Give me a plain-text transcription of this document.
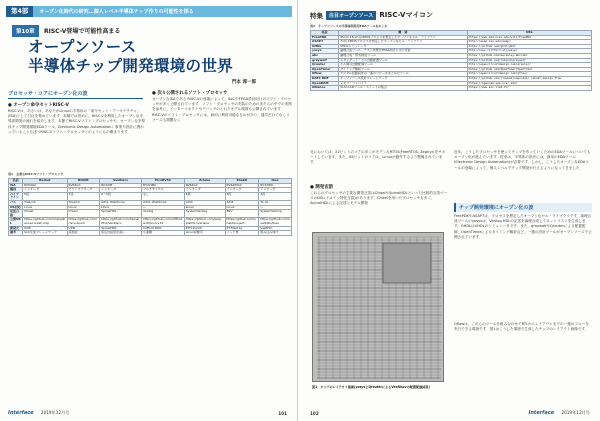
第4部	オープン化時代の研究…個人レベル半導体チップ作りの可能性を探る
第10章	RISC-V登場で可能性高まる
オープンソース
半導体チップ開発環境の世界
門本 淳一郎
プロセッサ・コアにオープン化の波
● オープン命令セットRISC-V
RISC-Vは，あるいは，あなたがLinuxの半導体の「命令セット・アーキテクチャ」(ISA)として日目を集めています．本稿では初めに，RISC-Vを利用したオープンな半導体開発の流れを紹介します．本節でRISC-Vソフト・プロセッサや，オープンな半導体チップ開発環境EDAツール，Electronic Design Automation）事業や設計に携わっていることも述べRISC-Vソフト・プロセッサとのようにもの概まります．
● 次々公開されるソフト・プロセッサ
オープンなISAである RISC-Vの登場によって，SoCやFPGA設計向けのソフト・プロセッサが多く公開されています．ソフト・プロセッサの実装のためのまたらの中での実例を参考に，インターコネクトやデバッグのとれたモデル環境も公開されています．RISC-Vのソフト・プロセッサには，商用に利用可能なものがあり，通学だけでなくリソースも問題なく
表1　主要なRISC-Vソフト・プロセッサ
名前	Rocket	BOOM	VexRiscv	PicoRV32	Ariane	Shakti	Ibex
ISA	RV64GC	RV64GC	RV32IM	RV32IMC	RV64GC	RV64IMAC	RV32IMC
種別	インオーダ	アウトオブオーダ	インオーダ	マルチサイクル	インオーダ	インオーダ	インオーダ
パイプライン	5段	7段	2〜5段	なし	6段	5段	2段
バス	TileLink	TileLink	AXI4, Wishbone	AXI4, Wishbone	AXI4	AXI4	TL-UL
OS対応	Linux	Linux	Linux	―	Linux	Linux	―
記述言語	Chisel	Chisel	SpinalHDL	Verilog	SystemVerilog	BSV	SystemVerilog
公開URL	https://github.com/chipsalliance/rocket-chip	https://github.com/riscv-boom	https://github.com/SpinalHDL/VexRiscv	https://github.com/cliffordwolf/picorv32	https://github.com/pulp-platform/ariane	https://gitlab.com/shaktiproject	https://github.com/lowRISC/ibex
開発元	UCB	UCB	SpinalHDL	Clifford Wolf	ETH Zurich	IIT Madras	lowRISC
備考	SoC生成フレームワーク	高性能	設定自由度が高い	小面積	Linux起動可	インド発	組み込み向け
Interface 2019年12月号	101
特集	注目オープンソース RISC-Vマイコン
表2　オープンソースの半導体開発用EDAツールあれこれ
名前	概　要	URL
FreePDK	45nm,15nmのCMOSプロセスを想定したオープンなセル・ライブラリ	https://www.eda.ncsu.edu/wiki/FreePDK
ASAP7	7nm CMOSプロセスを想定したオープンなセル・ライブラリ	http://asap.asu.edu/asap/
GHDL	VHDLシミュレータ	https://github.com/ghdl/ghdl
yosys	論理合成ツール．テスト結果をFPGA向けに出力可能	http://www.clifford.at/yosys/
abc	論理合成・形式検証ツール	https://github.com/berkeley-abc/abc
graywolf	スタンダード・セル自動配置ツール	https://github.com/rubund/graywolf
Qrouter	セル間の自動配線ツール	http://opencircuitdesign.com/qrouter/
OpenTimer	タイミング解析ツール	https://github.com/OpenTimer/OpenTimer
Qflow	デジタル回路設計の一連のフローをまとめたツール	http://opencircuitdesign.com/qflow/
DATC RDF	オープンソース設計フレームワーク	https://github.com/jinwookjungs/datc_robust_design_flow
OpenRAM	メモリ・コンパイラ	https://openram.soe.ucsc.edu/
Alliance	VLSI CADツール・スイートの集合	https://www-soc.lip6.fr/
分においては，22ビットのコアの多くがモデンなRTOS(FreeRTOS, Zephyr)をサポートしています．また，64ビットのコアは，Linuxが動作するよう整備されています．
● 開発言語
これらのプロセッサの主要な開発言語はChiselやSpinalHDLといった比較的言語ベースのDSL(ドメイン特化言語)があります．Chiselを用いたプロセッサも多く，SpinalHDLによる記述とモデル開発
図1　チップのレイアウト画像(yosysとQrouterによるVexRiscvの配置配線結果)
近年，こうしたプロセッサを使ってチップを作っていくためのEDAツールについてもオープン化が進んでいます．従来は，半導体の設計には，商用のEDAツール(Electronic Design Automation)が必要です．しかし，こうしたオープンなEDAツールの登場によって，個人レベルでチップ開発が行えるようになってきました．
チップ開発環境にオープン化の波
FreePDKやASAP7は，プロセスを想定したオープンなセル・ライブラリです．論理合成ツールのyosysは，Verilog HDLの記述を論理合成してネットリストを生成します．GHDLはVHDLのシミュレータです．また，graywolfやQrouterによる配置配線，OpenTimerによるタイミング解析など，一連の設計ツールがオープンソースで公開されています．
Qflowは，これらのツールを組み合わせてRTLからレイアウトまでの一連のフローを実行できる環境です．図1はこうした環境で生成したチップのレイアウト画像です．
102	Interface 2019年12月号
